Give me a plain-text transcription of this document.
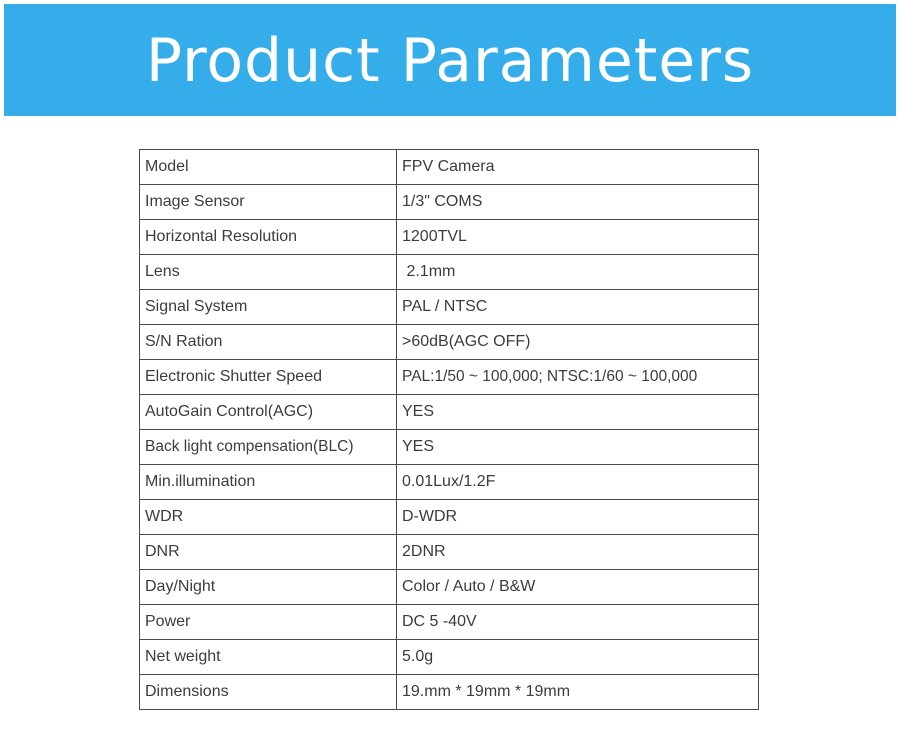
Product Parameters
Model	FPV Camera
Image Sensor	1/3" COMS
Horizontal Resolution	1200TVL
Lens	2.1mm
Signal System	PAL / NTSC
S/N Ration	>60dB(AGC OFF)
Electronic Shutter Speed	PAL:1/50 ~ 100,000; NTSC:1/60 ~ 100,000
AutoGain Control(AGC)	YES
Back light compensation(BLC)	YES
Min.illumination	0.01Lux/1.2F
WDR	D-WDR
DNR	2DNR
Day/Night	Color / Auto / B&W
Power	DC 5 -40V
Net weight	5.0g
Dimensions	19.mm * 19mm * 19mm
